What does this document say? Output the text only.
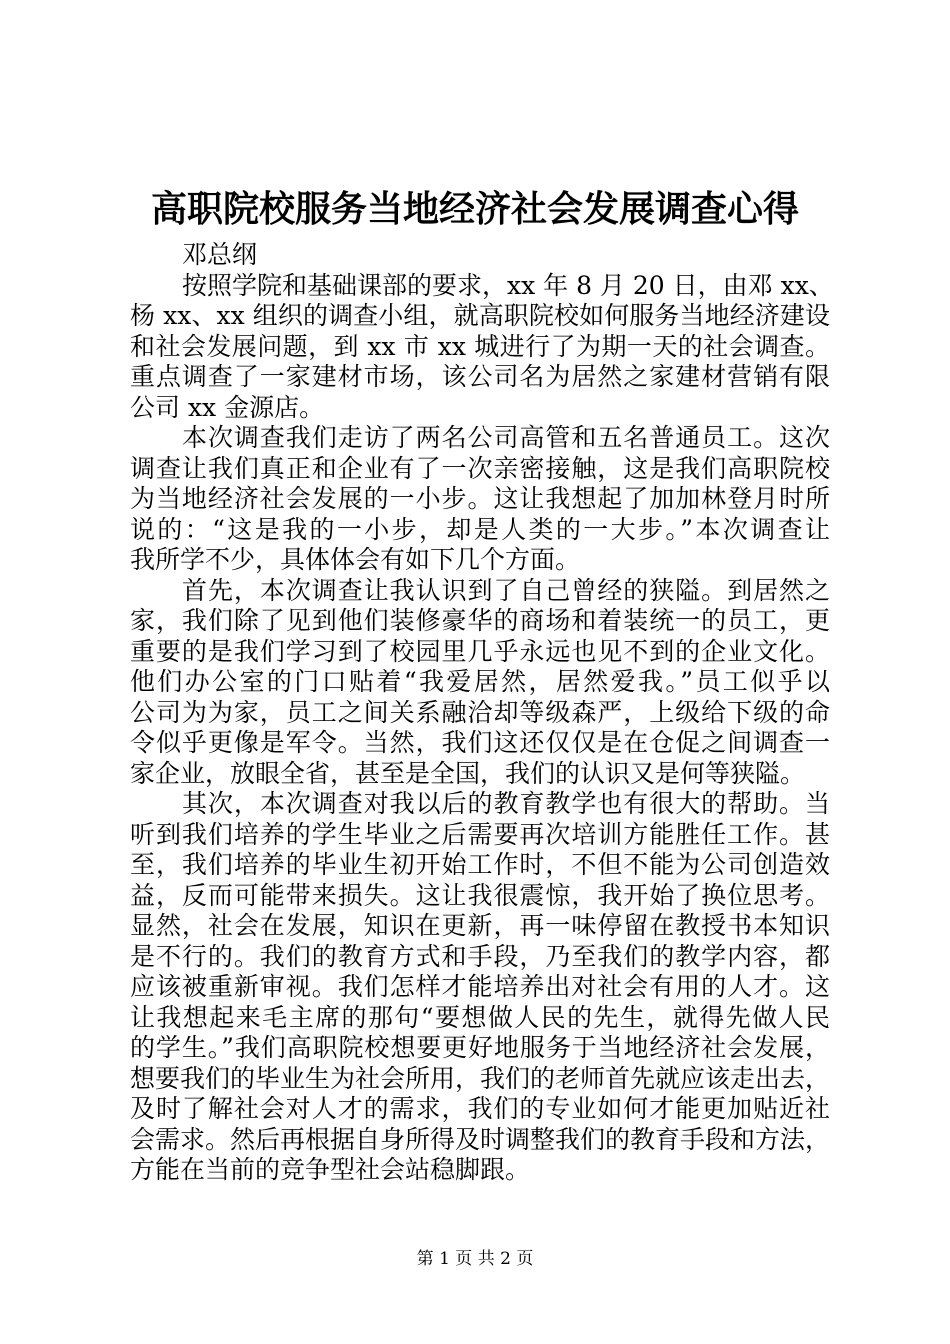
高职院校服务当地经济社会发展调查心得
邓总纲
按照学院和基础课部的要求，xx 年 8 月 20 日，由邓 xx、
杨 xx、xx 组织的调查小组，就高职院校如何服务当地经济建设
和社会发展问题，到 xx 市 xx 城进行了为期一天的社会调查。
重点调查了一家建材市场，该公司名为居然之家建材营销有限
公司 xx 金源店。
本次调查我们走访了两名公司高管和五名普通员工。这次
调查让我们真正和企业有了一次亲密接触，这是我们高职院校
为当地经济社会发展的一小步。这让我想起了加加林登月时所
说的：“这是我的一小步，却是人类的一大步。”本次调查让
我所学不少，具体体会有如下几个方面。
首先，本次调查让我认识到了自己曾经的狭隘。到居然之
家，我们除了见到他们装修豪华的商场和着装统一的员工，更
重要的是我们学习到了校园里几乎永远也见不到的企业文化。
他们办公室的门口贴着“我爱居然，居然爱我。”员工似乎以
公司为为家，员工之间关系融洽却等级森严，上级给下级的命
令似乎更像是军令。当然，我们这还仅仅是在仓促之间调查一
家企业，放眼全省，甚至是全国，我们的认识又是何等狭隘。
其次，本次调查对我以后的教育教学也有很大的帮助。当
听到我们培养的学生毕业之后需要再次培训方能胜任工作。甚
至，我们培养的毕业生初开始工作时，不但不能为公司创造效
益，反而可能带来损失。这让我很震惊，我开始了换位思考。
显然，社会在发展，知识在更新，再一味停留在教授书本知识
是不行的。我们的教育方式和手段，乃至我们的教学内容，都
应该被重新审视。我们怎样才能培养出对社会有用的人才。这
让我想起来毛主席的那句“要想做人民的先生，就得先做人民
的学生。”我们高职院校想要更好地服务于当地经济社会发展，
想要我们的毕业生为社会所用，我们的老师首先就应该走出去，
及时了解社会对人才的需求，我们的专业如何才能更加贴近社
会需求。然后再根据自身所得及时调整我们的教育手段和方法，
方能在当前的竞争型社会站稳脚跟。
第 1 页 共 2 页
